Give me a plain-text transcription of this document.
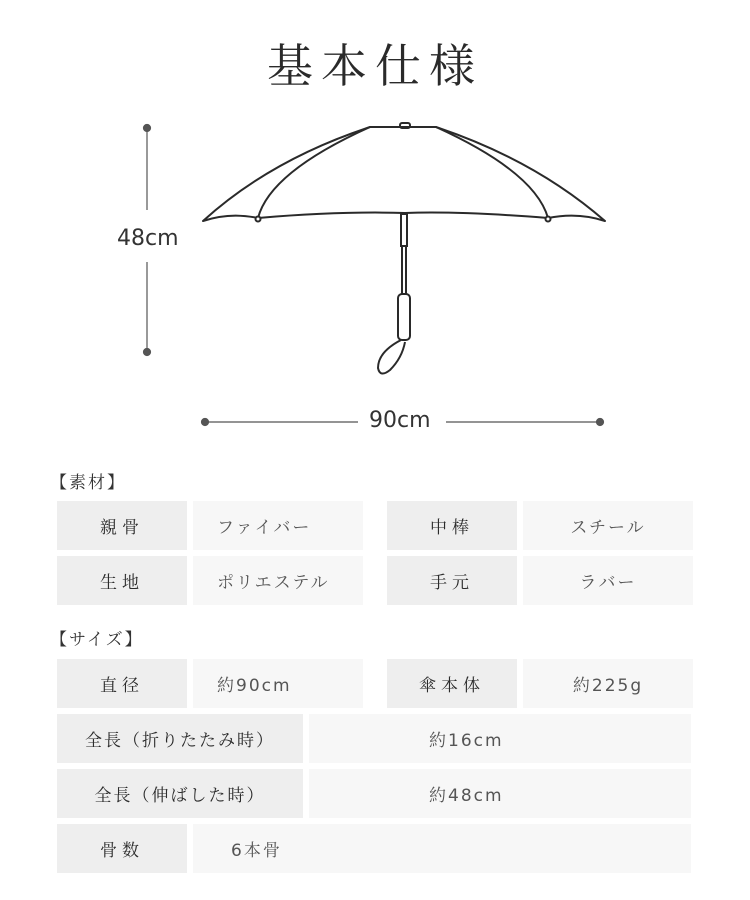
基本仕様
48cm
90cm
【素材】
親骨	ファイバー	中棒	スチール
生地	ポリエステル	手元	ラバー
【サイズ】
直径	約90cm	傘本体	約225g
全長（折りたたみ時）	約16cm
全長（伸ばした時）	約48cm
骨数	6本骨
